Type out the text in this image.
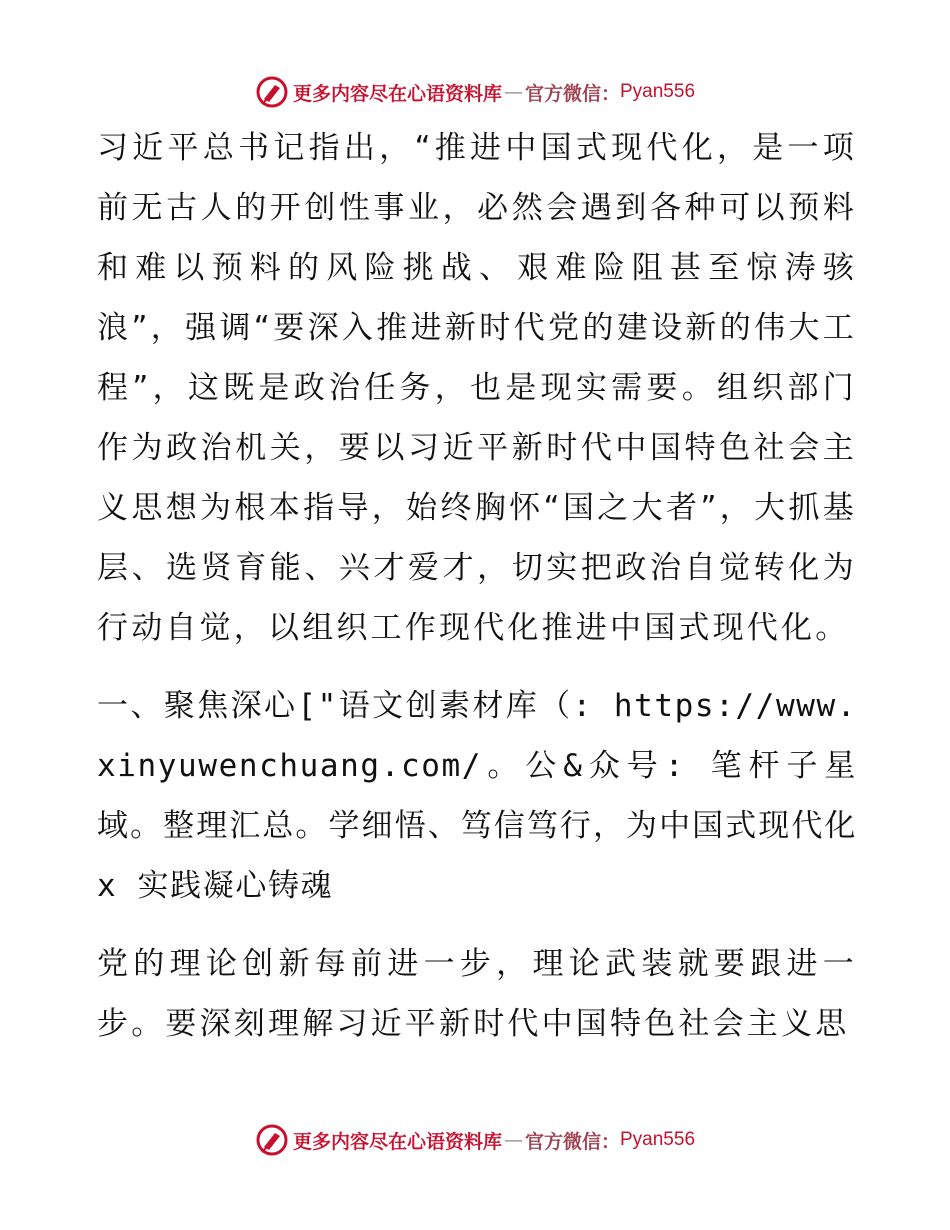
更多内容尽在心语资料库 — 官方微信： Pyan556

习近平总书记指出，“推进中国式现代化，是一项前无古人的开创性事业，必然会遇到各种可以预料和难以预料的风险挑战、艰难险阻甚至惊涛骇浪”，强调“要深入推进新时代党的建设新的伟大工程”，这既是政治任务，也是现实需要。组织部门作为政治机关，要以习近平新时代中国特色社会主义思想为根本指导，始终胸怀“国之大者”，大抓基层、选贤育能、兴才爱才，切实把政治自觉转化为行动自觉，以组织工作现代化推进中国式现代化。

一、聚焦深心["语文创素材库（: https://www.xinyuwenchuang.com/。公&众号: 笔杆子星域。整理汇总。学细悟、笃信笃行，为中国式现代化 x 实践凝心铸魂

党的理论创新每前进一步，理论武装就要跟进一步。要深刻理解习近平新时代中国特色社会主义思

更多内容尽在心语资料库 — 官方微信： Pyan556
